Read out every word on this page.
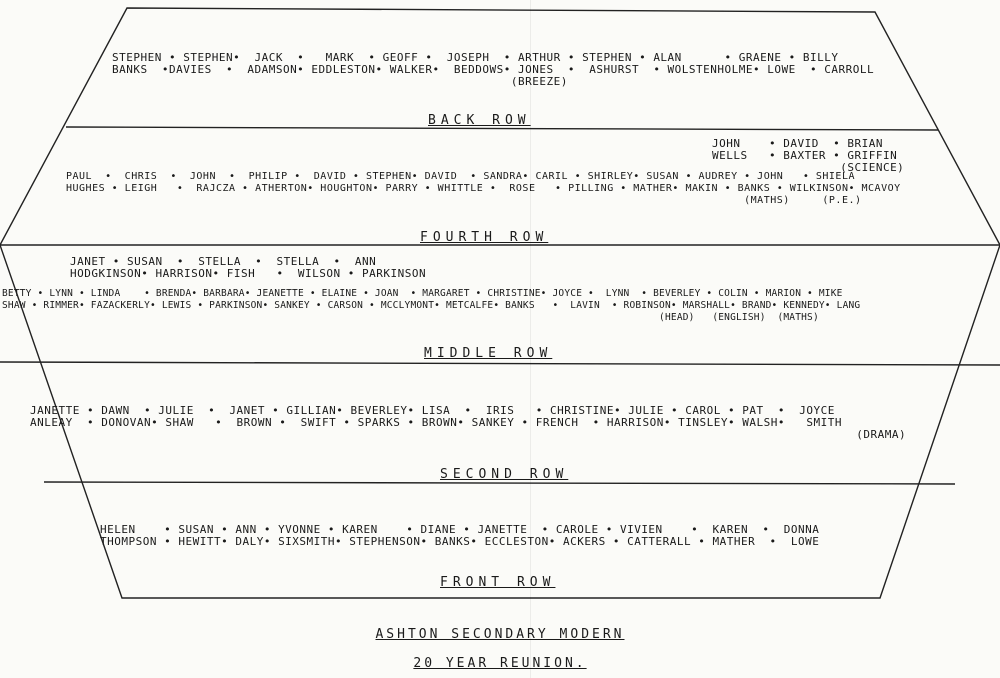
STEPHEN • STEPHEN•  JACK  •   MARK  • GEOFF •  JOSEPH  • ARTHUR • STEPHEN • ALAN      • GRAENE • BILLY
BANKS  •DAVIES  •  ADAMSON• EDDLESTON• WALKER•  BEDDOWS• JONES  •  ASHURST  • WOLSTENHOLME• LOWE  • CARROLL
(BREEZE)
BACK ROW
JOHN    • DAVID  • BRIAN
WELLS   • BAXTER • GRIFFIN
(SCIENCE)
PAUL  •  CHRIS  •  JOHN  •  PHILIP •  DAVID • STEPHEN• DAVID  • SANDRA• CARIL • SHIRLEY• SUSAN • AUDREY • JOHN   • SHIELA
HUGHES • LEIGH   •  RAJCZA • ATHERTON• HOUGHTON• PARRY • WHITTLE •  ROSE   • PILLING • MATHER• MAKIN • BANKS • WILKINSON• MCAVOY
(MATHS)     (P.E.)
FOURTH ROW
JANET • SUSAN  •  STELLA  •  STELLA  •  ANN
HODGKINSON• HARRISON• FISH   •  WILSON • PARKINSON
BETTY • LYNN • LINDA    • BRENDA• BARBARA• JEANETTE • ELAINE • JOAN  • MARGARET • CHRISTINE• JOYCE •  LYNN  • BEVERLEY • COLIN • MARION • MIKE
SHAW • RIMMER• FAZACKERLY• LEWIS • PARKINSON• SANKEY • CARSON • MCCLYMONT• METCALFE• BANKS   •  LAVIN  • ROBINSON• MARSHALL• BRAND• KENNEDY• LANG
(HEAD)   (ENGLISH)  (MATHS)
MIDDLE ROW
JANETTE • DAWN  • JULIE  •  JANET • GILLIAN• BEVERLEY• LISA  •  IRIS   • CHRISTINE• JULIE • CAROL • PAT  •  JOYCE
ANLEAY  • DONOVAN• SHAW   •  BROWN •  SWIFT • SPARKS • BROWN• SANKEY • FRENCH  • HARRISON• TINSLEY• WALSH•   SMITH
(DRAMA)
SECOND ROW
HELEN    • SUSAN • ANN • YVONNE • KAREN    • DIANE • JANETTE  • CAROLE • VIVIEN    •  KAREN  •  DONNA
THOMPSON • HEWITT• DALY• SIXSMITH• STEPHENSON• BANKS• ECCLESTON• ACKERS • CATTERALL • MATHER  •  LOWE
FRONT ROW
ASHTON SECONDARY MODERN
20 YEAR REUNION.
